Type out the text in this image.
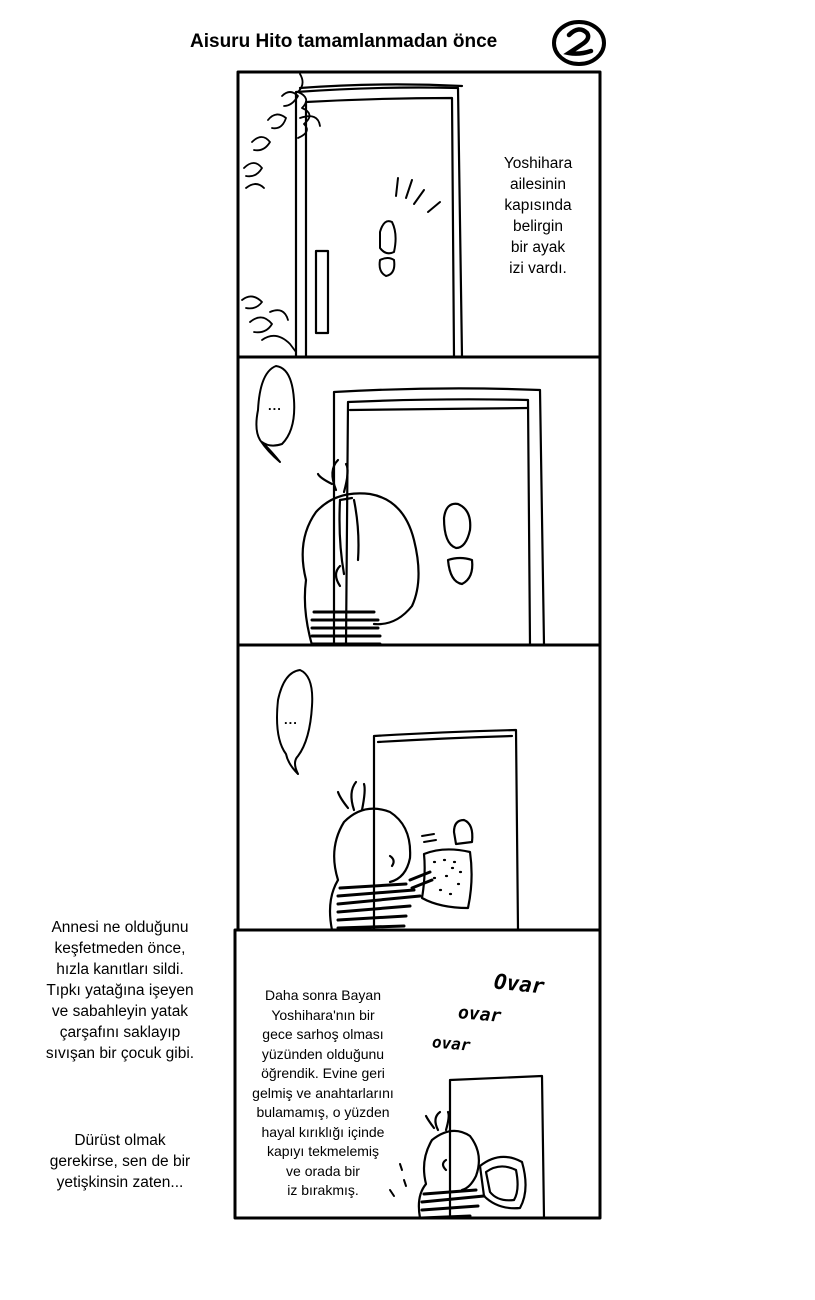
Aisuru Hito tamamlanmadan önce
Yoshihara
ailesinin
kapısında
belirgin
bir ayak
izi vardı.
...
...
Daha sonra Bayan
Yoshihara'nın bir
gece sarhoş olması
yüzünden olduğunu
öğrendik. Evine geri
gelmiş ve anahtarlarını
bulamamış, o yüzden
hayal kırıklığı içinde
kapıyı tekmelemiş
ve orada bir
iz bırakmış.
Ovar
ovar
ovar
Annesi ne olduğunu
keşfetmeden önce,
hızla kanıtları sildi.
Tıpkı yatağına işeyen
ve sabahleyin yatak
çarşafını saklayıp
sıvışan bir çocuk gibi.
Dürüst olmak
gerekirse, sen de bir
yetişkinsin zaten...
